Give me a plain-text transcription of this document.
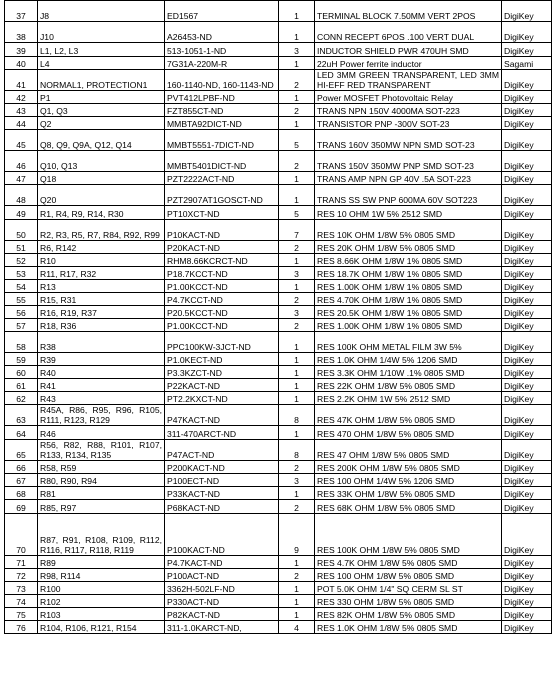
37	J8	ED1567	1	TERMINAL BLOCK 7.50MM VERT 2POS	DigiKey
38	J10	A26453-ND	1	CONN RECEPT 6POS .100 VERT DUAL	DigiKey
39	L1, L2, L3	513-1051-1-ND	3	INDUCTOR SHIELD PWR 470UH SMD	DigiKey
40	L4	7G31A-220M-R	1	22uH Power ferrite inductor	Sagami
41	NORMAL1, PROTECTION1	160-1140-ND, 160-1143-ND	2	LED 3MM GREEN TRANSPARENT, LED 3MM HI-EFF RED TRANSPARENT	DigiKey
42	P1	PVT412LPBF-ND	1	Power MOSFET Photovoltaic Relay	DigiKey
43	Q1, Q3	FZT855CT-ND	2	TRANS NPN 150V 4000MA SOT-223	DigiKey
44	Q2	MMBTA92DICT-ND	1	TRANSISTOR PNP -300V SOT-23	DigiKey
45	Q8, Q9, Q9A, Q12, Q14	MMBT5551-7DICT-ND	5	TRANS 160V 350MW NPN SMD SOT-23	DigiKey
46	Q10, Q13	MMBT5401DICT-ND	2	TRANS 150V 350MW PNP SMD SOT-23	DigiKey
47	Q18	PZT2222ACT-ND	1	TRANS AMP NPN GP 40V .5A SOT-223	DigiKey
48	Q20	PZT2907AT1GOSCT-ND	1	TRANS SS SW PNP 600MA 60V SOT223	DigiKey
49	R1, R4, R9, R14, R30	PT10XCT-ND	5	RES 10 OHM 1W 5% 2512 SMD	DigiKey
50	R2, R3, R5, R7, R84, R92, R99	P10KACT-ND	7	RES 10K OHM 1/8W 5% 0805 SMD	DigiKey
51	R6, R142	P20KACT-ND	2	RES 20K OHM 1/8W 5% 0805 SMD	DigiKey
52	R10	RHM8.66KCRCT-ND	1	RES 8.66K OHM 1/8W 1% 0805 SMD	DigiKey
53	R11, R17, R32	P18.7KCCT-ND	3	RES 18.7K OHM 1/8W 1% 0805 SMD	DigiKey
54	R13	P1.00KCCT-ND	1	RES 1.00K OHM 1/8W 1% 0805 SMD	DigiKey
55	R15, R31	P4.7KCCT-ND	2	RES 4.70K OHM 1/8W 1% 0805 SMD	DigiKey
56	R16, R19, R37	P20.5KCCT-ND	3	RES 20.5K OHM 1/8W 1% 0805 SMD	DigiKey
57	R18, R36	P1.00KCCT-ND	2	RES 1.00K OHM 1/8W 1% 0805 SMD	DigiKey
58	R38	PPC100KW-3JCT-ND	1	RES 100K OHM METAL FILM 3W 5%	DigiKey
59	R39	P1.0KECT-ND	1	RES 1.0K OHM 1/4W 5% 1206 SMD	DigiKey
60	R40	P3.3KZCT-ND	1	RES 3.3K OHM 1/10W .1% 0805 SMD	DigiKey
61	R41	P22KACT-ND	1	RES 22K OHM 1/8W 5% 0805 SMD	DigiKey
62	R43	PT2.2KXCT-ND	1	RES 2.2K OHM 1W 5% 2512 SMD	DigiKey
63	R45A, R86, R95, R96, R105, R111, R123, R129	P47KACT-ND	8	RES 47K OHM 1/8W 5% 0805 SMD	DigiKey
64	R46	311-470ARCT-ND	1	RES 470 OHM 1/8W 5% 0805 SMD	DigiKey
65	R56, R82, R88, R101, R107, R133, R134, R135	P47ACT-ND	8	RES 47 OHM 1/8W 5% 0805 SMD	DigiKey
66	R58, R59	P200KACT-ND	2	RES 200K OHM 1/8W 5% 0805 SMD	DigiKey
67	R80, R90, R94	P100ECT-ND	3	RES 100 OHM 1/4W 5% 1206 SMD	DigiKey
68	R81	P33KACT-ND	1	RES 33K OHM 1/8W 5% 0805 SMD	DigiKey
69	R85, R97	P68KACT-ND	2	RES 68K OHM 1/8W 5% 0805 SMD	DigiKey
70	R87, R91, R108, R109, R112, R116, R117, R118, R119	P100KACT-ND	9	RES 100K OHM 1/8W 5% 0805 SMD	DigiKey
71	R89	P4.7KACT-ND	1	RES 4.7K OHM 1/8W 5% 0805 SMD	DigiKey
72	R98, R114	P100ACT-ND	2	RES 100 OHM 1/8W 5% 0805 SMD	DigiKey
73	R100	3362H-502LF-ND	1	POT 5.0K OHM 1/4" SQ CERM SL ST	DigiKey
74	R102	P330ACT-ND	1	RES 330 OHM 1/8W 5% 0805 SMD	DigiKey
75	R103	P82KACT-ND	1	RES 82K OHM 1/8W 5% 0805 SMD	DigiKey
76	R104, R106, R121, R154	311-1.0KARCT-ND,	4	RES 1.0K OHM 1/8W 5% 0805 SMD	DigiKey
